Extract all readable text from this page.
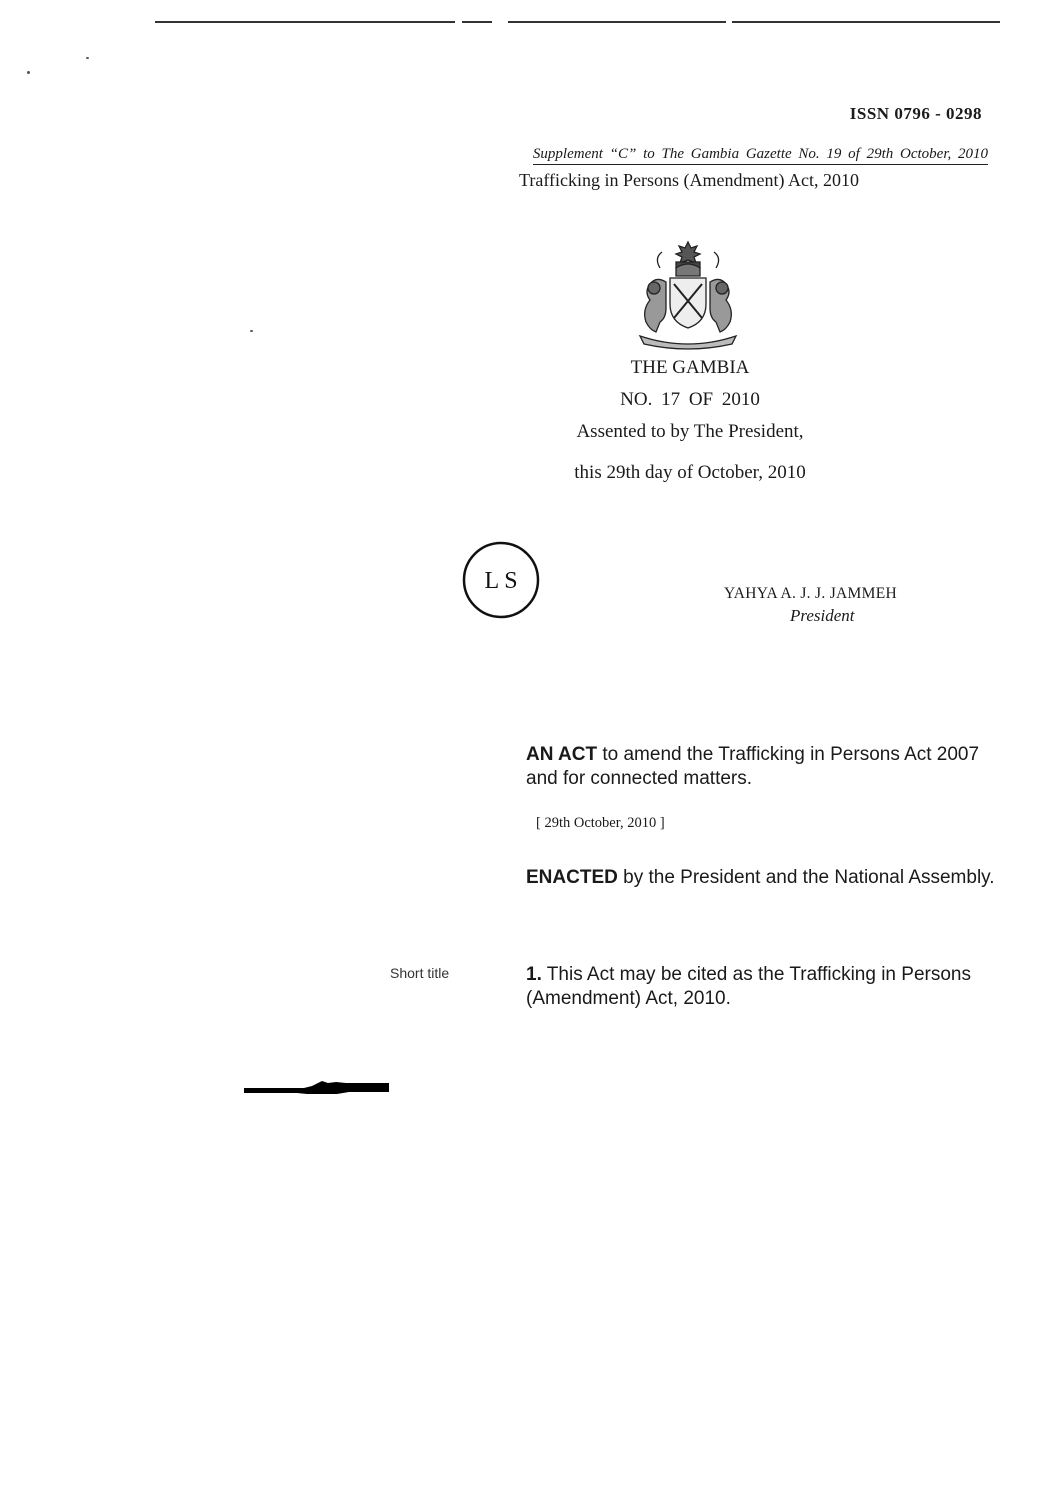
ISSN 0796 - 0298
Supplement “C” to The Gambia Gazette No. 19 of 29th October, 2010
Trafficking in Persons (Amendment) Act, 2010
THE GAMBIA
NO. 17 OF 2010
Assented to by The President,
this 29th day of October, 2010
L S	YAHYA A. J. J. JAMMEH
President
AN ACT to amend the Trafficking in Persons Act 2007 and for connected matters.
[ 29th October, 2010 ]
ENACTED by the President and the National Assembly.
Short title	1. This Act may be cited as the Trafficking in Persons (Amendment) Act, 2010.
